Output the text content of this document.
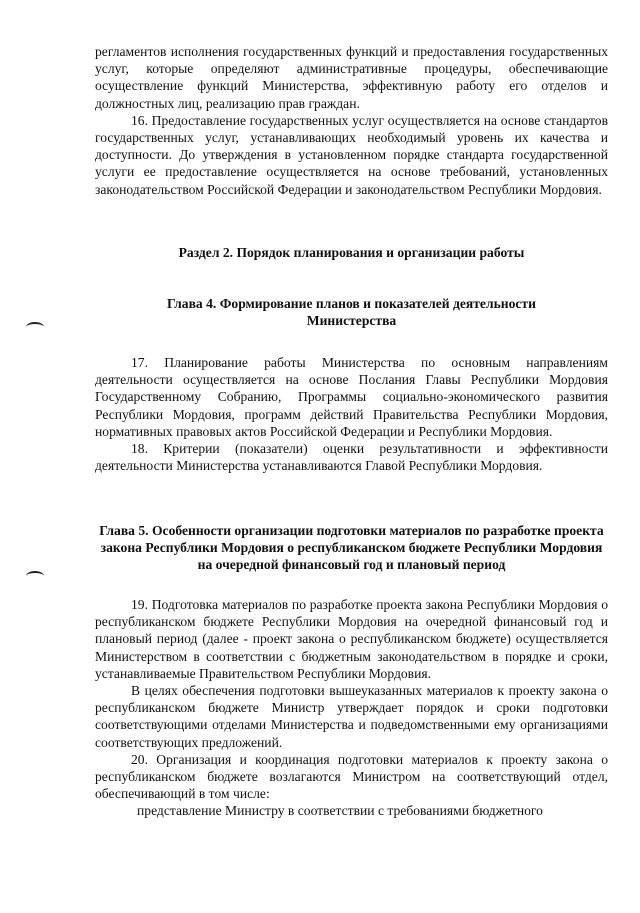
регламентов исполнения государственных функций и предоставления государственных услуг, которые определяют административные процедуры, обеспечивающие осуществление функций Министерства, эффективную работу его отделов и должностных лиц, реализацию прав граждан.

16. Предоставление государственных услуг осуществляется на основе стандартов государственных услуг, устанавливающих необходимый уровень их качества и доступности. До утверждения в установленном порядке стандарта государственной услуги ее предоставление осуществляется на основе требований, установленных законодательством Российской Федерации и законодательством Республики Мордовия.

Раздел 2. Порядок планирования и организации работы
Глава 4. Формирование планов и показателей деятельности Министерства

17. Планирование работы Министерства по основным направлениям деятельности осуществляется на основе Послания Главы Республики Мордовия Государственному Собранию, Программы социально-экономического развития Республики Мордовия, программ действий Правительства Республики Мордовия, нормативных правовых актов Российской Федерации и Республики Мордовия.

18. Критерии (показатели) оценки результативности и эффективности деятельности Министерства устанавливаются Главой Республики Мордовия.

Глава 5. Особенности организации подготовки материалов по разработке проекта закона Республики Мордовия о республиканском бюджете Республики Мордовия на очередной финансовый год и плановый период

19. Подготовка материалов по разработке проекта закона Республики Мордовия о республиканском бюджете Республики Мордовия на очередной финансовый год и плановый период (далее - проект закона о республиканском бюджете) осуществляется Министерством в соответствии с бюджетным законодательством в порядке и сроки, устанавливаемые Правительством Республики Мордовия.

В целях обеспечения подготовки вышеуказанных материалов к проекту закона о республиканском бюджете Министр утверждает порядок и сроки подготовки соответствующими отделами Министерства и подведомственными ему организациями соответствующих предложений.

20. Организация и координация подготовки материалов к проекту закона о республиканском бюджете возлагаются Министром на соответствующий отдел, обеспечивающий в том числе:

представление Министру в соответствии с требованиями бюджетного
